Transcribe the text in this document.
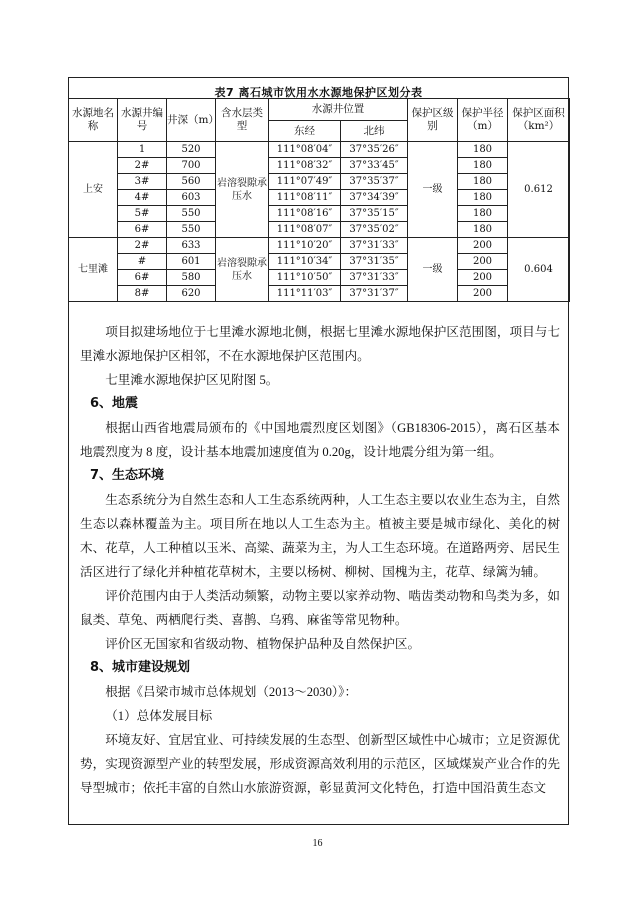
表7 离石城市饮用水水源地保护区划分表
水源地名称	水源井编号	井深（m）	含水层类型	水源井位置		保护区级别	保护半径（m）	保护区面积（km²）
				东经	北纬			
上安	1	520	岩溶裂隙承压水	111°08′04″	37°35′26″	一级	180	0.612
	2#	700		111°08′32″	37°33′45″		180	
	3#	560		111°07′49″	37°35′37″		180	
	4#	603		111°08′11″	37°34′39″		180	
	5#	550		111°08′16″	37°35′15″		180	
	6#	550		111°08′07″	37°35′02″		180	
七里滩	2#	633	岩溶裂隙承压水	111°10′20″	37°31′33″	一级	200	0.604
	#	601		111°10′34″	37°31′35″		200	
	6#	580		111°10′50″	37°31′33″		200	
	8#	620		111°11′03″	37°31′37″		200	

项目拟建场地位于七里滩水源地北侧，根据七里滩水源地保护区范围图，项目与七里滩水源地保护区相邻，不在水源地保护区范围内。

七里滩水源地保护区见附图 5。

6、地震

根据山西省地震局颁布的《中国地震烈度区划图》（GB18306-2015），离石区基本地震烈度为 8 度，设计基本地震加速度值为 0.20g，设计地震分组为第一组。

7、生态环境

生态系统分为自然生态和人工生态系统两种，人工生态主要以农业生态为主，自然生态以森林覆盖为主。项目所在地以人工生态为主。植被主要是城市绿化、美化的树木、花草，人工种植以玉米、高粱、蔬菜为主，为人工生态环境。在道路两旁、居民生活区进行了绿化并种植花草树木，主要以杨树、柳树、国槐为主，花草、绿篱为辅。

评价范围内由于人类活动频繁，动物主要以家养动物、啮齿类动物和鸟类为多，如鼠类、草兔、两栖爬行类、喜鹊、乌鸦、麻雀等常见物种。

评价区无国家和省级动物、植物保护品种及自然保护区。

8、城市建设规划

根据《吕梁市城市总体规划（2013～2030）》：

（1）总体发展目标

环境友好、宜居宜业、可持续发展的生态型、创新型区域性中心城市；立足资源优势，实现资源型产业的转型发展，形成资源高效利用的示范区，区域煤炭产业合作的先导型城市；依托丰富的自然山水旅游资源，彰显黄河文化特色，打造中国沿黄生态文

16
